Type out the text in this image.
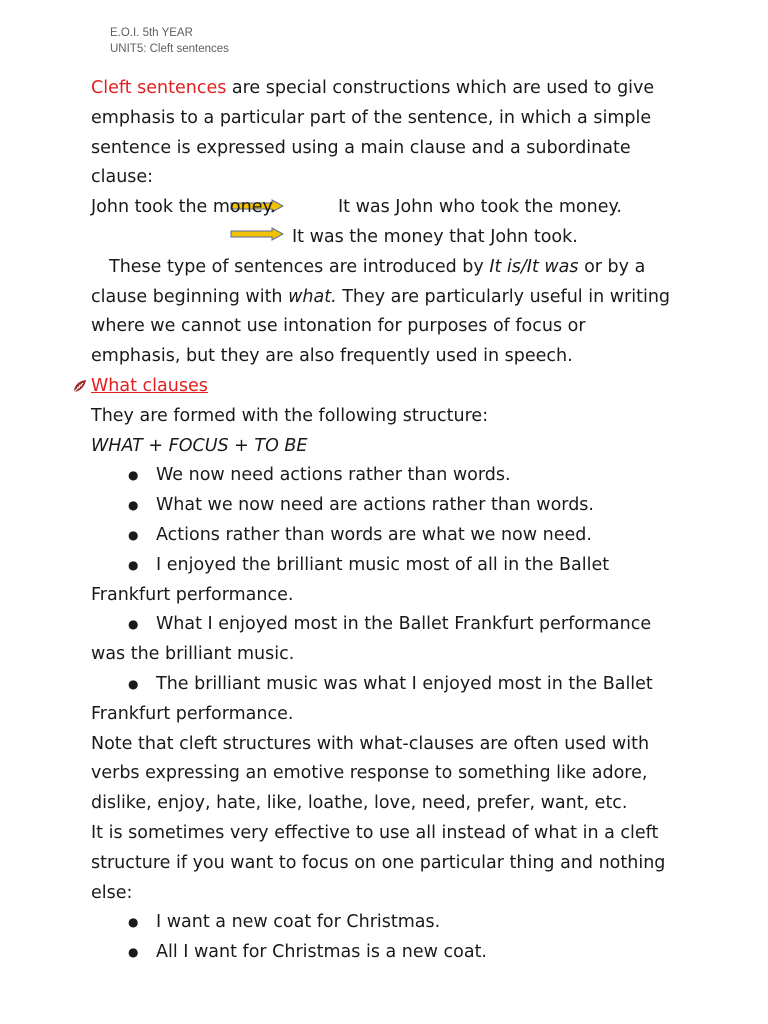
E.O.I. 5th YEAR
UNIT5: Cleft sentences
Cleft sentences are special constructions which are used to give
emphasis to a particular part of the sentence, in which a simple
sentence is expressed using a main clause and a subordinate
clause:
John took the money.	It was John who took the money.
It was the money that John took.
These type of sentences are introduced by It is/It was or by a
clause beginning with what. They are particularly useful in writing
where we cannot use intonation for purposes of focus or
emphasis, but they are also frequently used in speech.
What clauses
They are formed with the following structure:
WHAT + FOCUS + TO BE
● We now need actions rather than words.
● What we now need are actions rather than words.
● Actions rather than words are what we now need.
● I enjoyed the brilliant music most of all in the Ballet
Frankfurt performance.
● What I enjoyed most in the Ballet Frankfurt performance
was the brilliant music.
● The brilliant music was what I enjoyed most in the Ballet
Frankfurt performance.
Note that cleft structures with what-clauses are often used with
verbs expressing an emotive response to something like adore,
dislike, enjoy, hate, like, loathe, love, need, prefer, want, etc.
It is sometimes very effective to use all instead of what in a cleft
structure if you want to focus on one particular thing and nothing
else:
● I want a new coat for Christmas.
● All I want for Christmas is a new coat.
